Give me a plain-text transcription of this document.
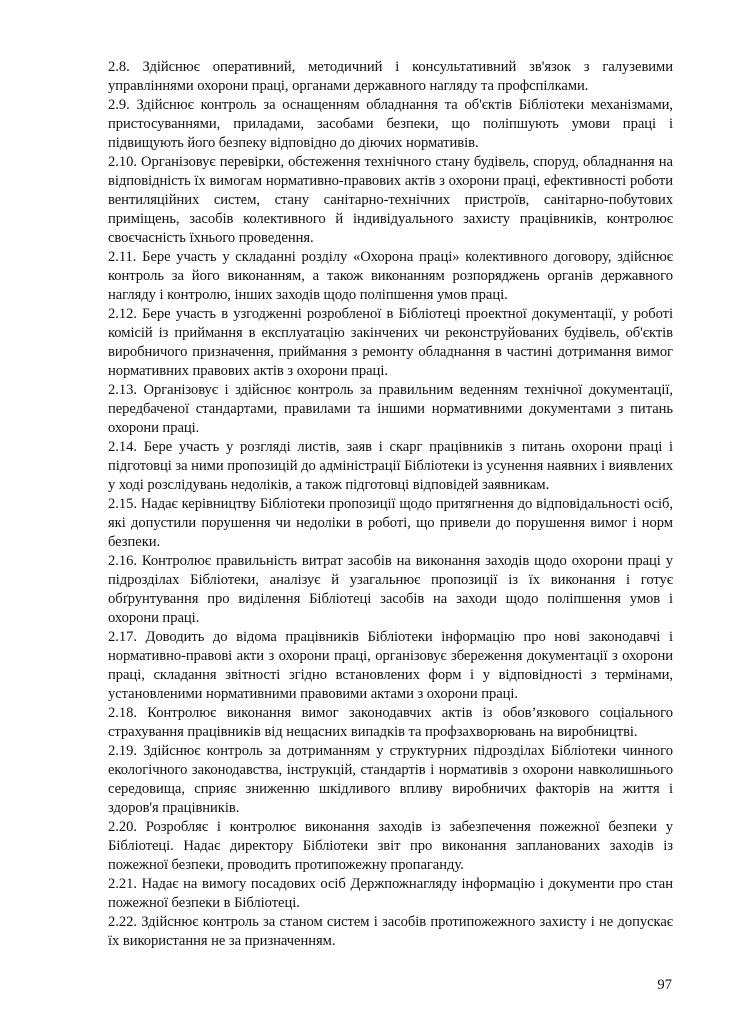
2.8. Здійснює оперативний, методичний і консультативний зв'язок з галузевими управліннями охорони праці, органами державного нагляду та профспілками.

2.9. Здійснює контроль за оснащенням обладнання та об'єктів Бібліотеки механізмами, пристосуваннями, приладами, засобами безпеки, що поліпшують умови праці і підвищують його безпеку відповідно до діючих нормативів.

2.10. Організовує перевірки, обстеження технічного стану будівель, споруд, обладнання на відповідність їх вимогам нормативно-правових актів з охорони праці, ефективності роботи вентиляційних систем, стану санітарно-технічних пристроїв, санітарно-побутових приміщень, засобів колективного й індивідуального захисту працівників, контролює своєчасність їхнього проведення.

2.11. Бере участь у складанні розділу «Охорона праці» колективного договору, здійснює контроль за його виконанням, а також виконанням розпоряджень органів державного нагляду і контролю, інших заходів щодо поліпшення умов праці.

2.12. Бере участь в узгодженні розробленої в Бібліотеці проектної документації, у роботі комісій із приймання в експлуатацію закінчених чи реконструйованих будівель, об'єктів виробничого призначення, приймання з ремонту обладнання в частині дотримання вимог нормативних правових актів з охорони праці.

2.13. Організовує і здійснює контроль за правильним веденням технічної документації, передбаченої стандартами, правилами та іншими нормативними документами з питань охорони праці.

2.14. Бере участь у розгляді листів, заяв і скарг працівників з питань охорони праці і підготовці за ними пропозицій до адміністрації Бібліотеки із усунення наявних і виявлених у ході розслідувань недоліків, а також підготовці відповідей заявникам.

2.15. Надає керівництву Бібліотеки пропозиції щодо притягнення до відповідальності осіб, які допустили порушення чи недоліки в роботі, що привели до порушення вимог і норм безпеки.

2.16. Контролює правильність витрат засобів на виконання заходів щодо охорони праці у підрозділах Бібліотеки, аналізує й узагальнює пропозиції із їх виконання і готує обґрунтування про виділення Бібліотеці засобів на заходи щодо поліпшення умов і охорони праці.

2.17. Доводить до відома працівників Бібліотеки інформацію про нові законодавчі і нормативно-правові акти з охорони праці, організовує збереження документації з охорони праці, складання звітності згідно встановлених форм і у відповідності з термінами, установленими нормативними правовими актами з охорони праці.

2.18. Контролює виконання вимог законодавчих актів із обов’язкового соціального страхування працівників від нещасних випадків та профзахворювань на виробництві.

2.19. Здійснює контроль за дотриманням у структурних підрозділах Бібліотеки чинного екологічного законодавства, інструкцій, стандартів і нормативів з охорони навколишнього середовища, сприяє зниженню шкідливого впливу виробничих факторів на життя і здоров'я працівників.

2.20. Розробляє і контролює виконання заходів із забезпечення пожежної безпеки у Бібліотеці. Надає директору Бібліотеки звіт про виконання запланованих заходів із пожежної безпеки, проводить протипожежну пропаганду.

2.21. Надає на вимогу посадових осіб Держпожнагляду інформацію і документи про стан пожежної безпеки в Бібліотеці.

2.22. Здійснює контроль за станом систем і засобів протипожежного захисту і не допускає їх використання не за призначенням.

97
